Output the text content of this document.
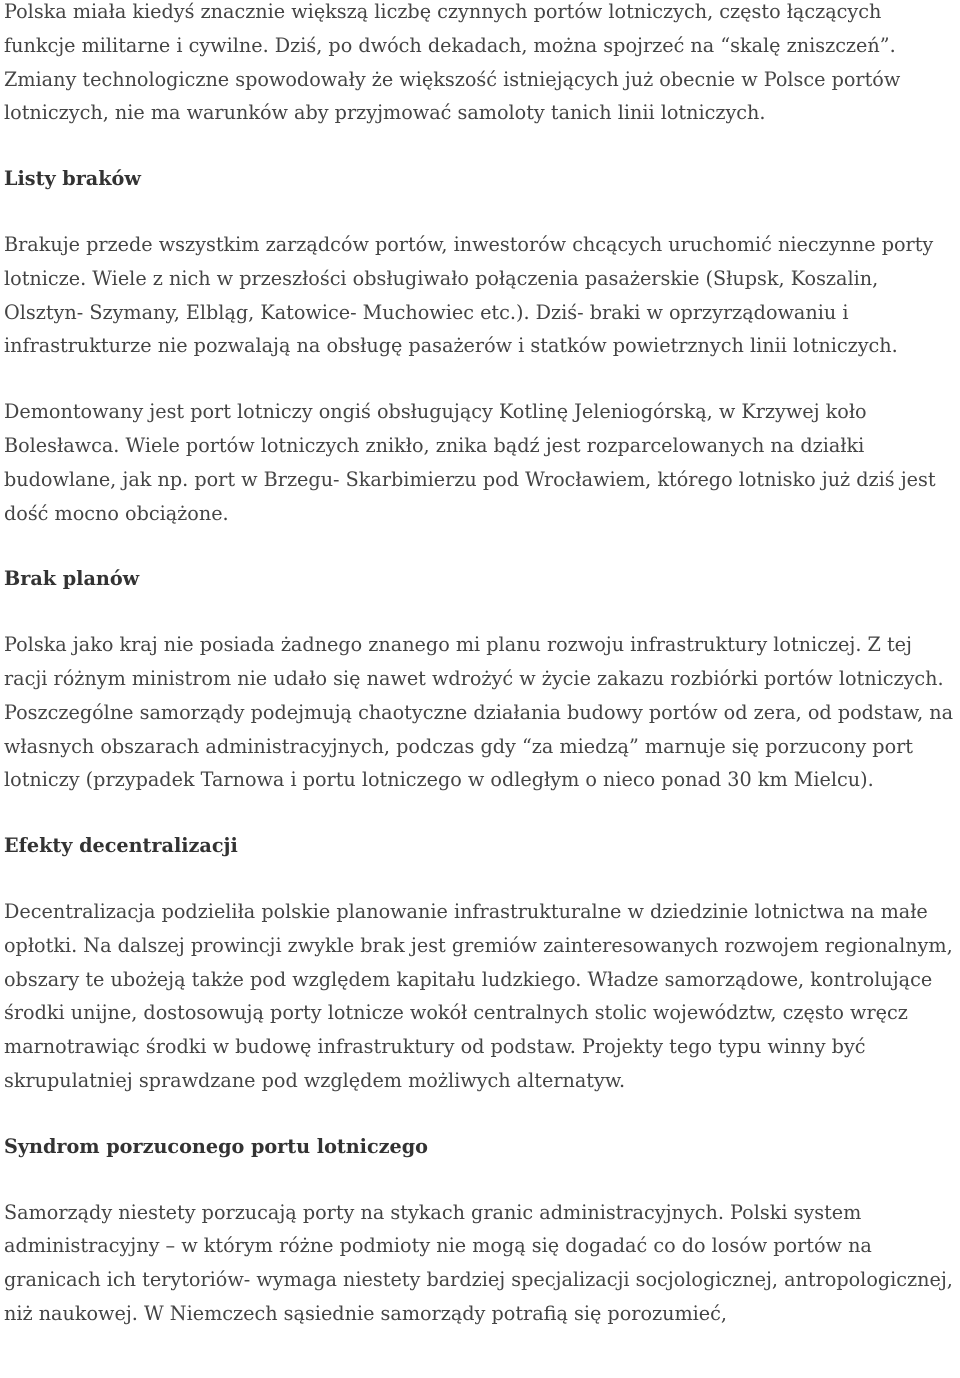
Polska miała kiedyś znacznie większą liczbę czynnych portów lotniczych, często łączących funkcje militarne i cywilne. Dziś, po dwóch dekadach, można spojrzeć na “skalę zniszczeń”. Zmiany technologiczne spowodowały że większość istniejących już obecnie w Polsce portów lotniczych, nie ma warunków aby przyjmować samoloty tanich linii lotniczych.

Listy braków

Brakuje przede wszystkim zarządców portów, inwestorów chcących uruchomić nieczynne porty lotnicze. Wiele z nich w przeszłości obsługiwało połączenia pasażerskie (Słupsk, Koszalin, Olsztyn- Szymany, Elbląg, Katowice- Muchowiec etc.). Dziś- braki w oprzyrządowaniu i infrastrukturze nie pozwalają na obsługę pasażerów i statków powietrznych linii lotniczych.

Demontowany jest port lotniczy ongiś obsługujący Kotlinę Jeleniogórską, w Krzywej koło Bolesławca. Wiele portów lotniczych znikło, znika bądź jest rozparcelowanych na działki budowlane, jak np. port w Brzegu- Skarbimierzu pod Wrocławiem, którego lotnisko już dziś jest dość mocno obciążone.

Brak planów

Polska jako kraj nie posiada żadnego znanego mi planu rozwoju infrastruktury lotniczej. Z tej racji różnym ministrom nie udało się nawet wdrożyć w życie zakazu rozbiórki portów lotniczych. Poszczególne samorządy podejmują chaotyczne działania budowy portów od zera, od podstaw, na własnych obszarach administracyjnych, podczas gdy “za miedzą” marnuje się porzucony port lotniczy (przypadek Tarnowa i portu lotniczego w odległym o nieco ponad 30 km Mielcu).

Efekty decentralizacji

Decentralizacja podzieliła polskie planowanie infrastrukturalne w dziedzinie lotnictwa na małe opłotki. Na dalszej prowincji zwykle brak jest gremiów zainteresowanych rozwojem regionalnym, obszary te ubożeją także pod względem kapitału ludzkiego. Władze samorządowe, kontrolujące środki unijne, dostosowują porty lotnicze wokół centralnych stolic województw, często wręcz marnotrawiąc środki w budowę infrastruktury od podstaw. Projekty tego typu winny być skrupulatniej sprawdzane pod względem możliwych alternatyw.

Syndrom porzuconego portu lotniczego

Samorządy niestety porzucają porty na stykach granic administracyjnych. Polski system administracyjny – w którym różne podmioty nie mogą się dogadać co do losów portów na granicach ich terytoriów- wymaga niestety bardziej specjalizacji socjologicznej, antropologicznej, niż naukowej. W Niemczech sąsiednie samorządy potrafią się porozumieć,
